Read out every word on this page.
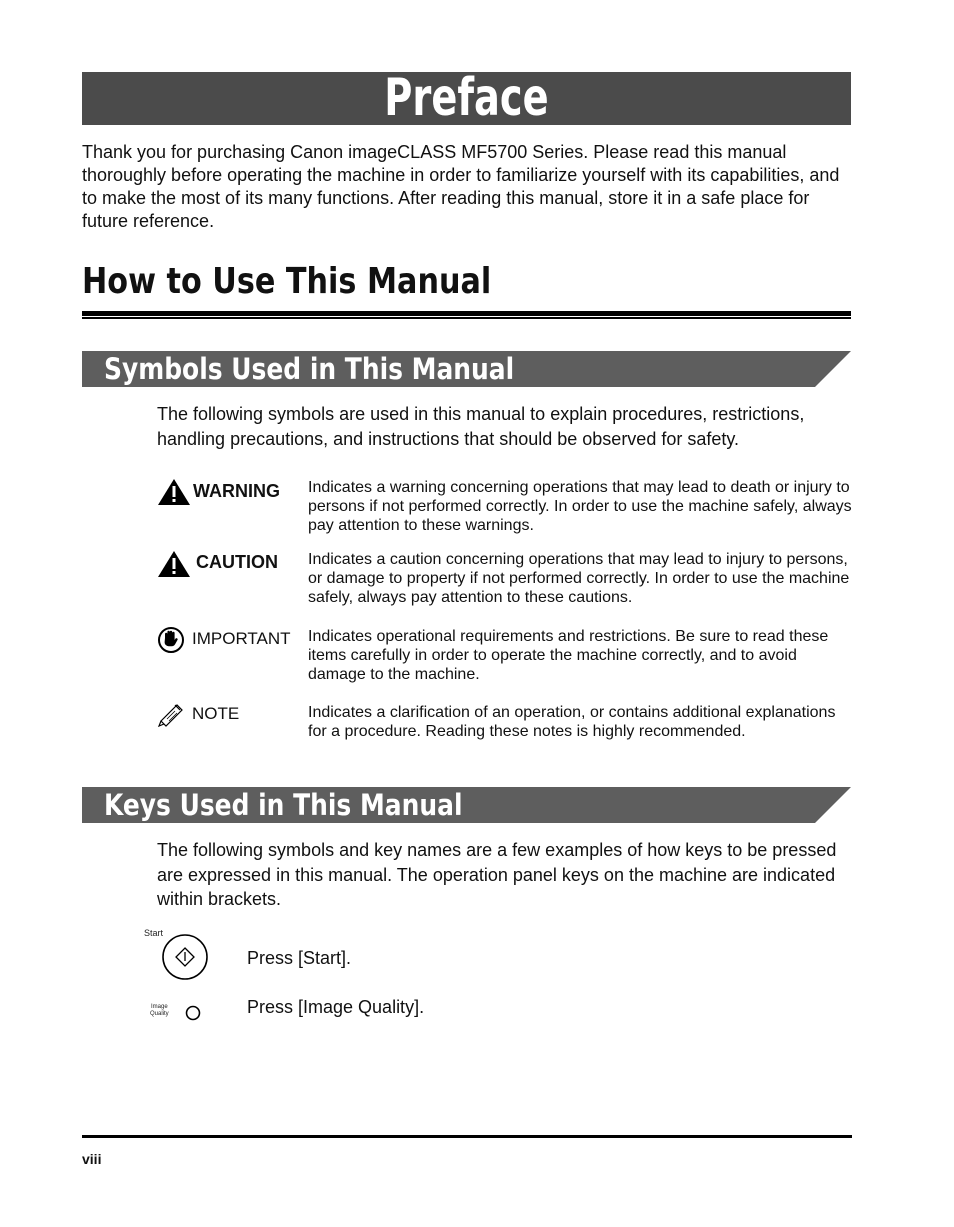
Preface

Thank you for purchasing Canon imageCLASS MF5700 Series. Please read this manual thoroughly before operating the machine in order to familiarize yourself with its capabilities, and to make the most of its many functions. After reading this manual, store it in a safe place for future reference.

How to Use This Manual
Symbols Used in This Manual

The following symbols are used in this manual to explain procedures, restrictions, handling precautions, and instructions that should be observed for safety.

WARNING Indicates a warning concerning operations that may lead to death or injury to persons if not performed correctly. In order to use the machine safely, always pay attention to these warnings.

CAUTION Indicates a caution concerning operations that may lead to injury to persons, or damage to property if not performed correctly. In order to use the machine safely, always pay attention to these cautions.

IMPORTANT Indicates operational requirements and restrictions. Be sure to read these items carefully in order to operate the machine correctly, and to avoid damage to the machine.

NOTE	Indicates a clarification of an operation, or contains additional explanations for a procedure. Reading these notes is highly recommended.

Keys Used in This Manual

The following symbols and key names are a few examples of how keys to be pressed are expressed in this manual. The operation panel keys on the machine are indicated within brackets.

Start
Press [Start].
Image
Quality	Press [Image Quality].
viii
